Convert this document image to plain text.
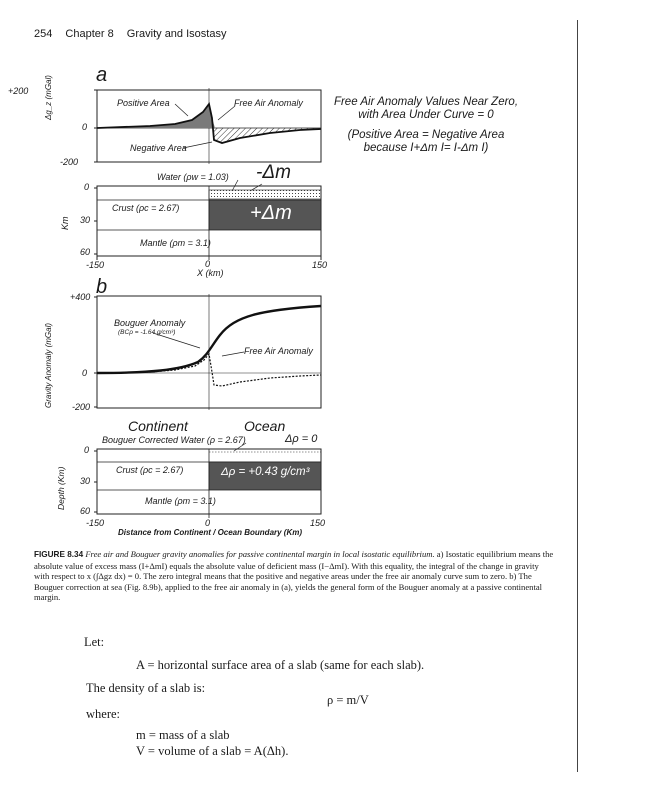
254 Chapter 8 Gravity and Isostasy
a
+200
0
-200
Δg_z (mGal)	Positive Area	Free Air Anomaly
Negative Area
Free Air Anomaly Values Near Zero,
with Area Under Curve = 0
(Positive Area = Negative Area
because I+Δm I= I-Δm I)
Water (ρw = 1.03) -Δm
Crust (ρc = 2.67)	+Δm
Mantle (ρm = 3.1)
0
30
60
Km
-150	0	150
X (km)
b
+400
0
-200
Gravity Anomaly (mGal)	Bouguer Anomaly
(BCρ = -1.64 g/cm³)
Free Air Anomaly
Continent	Ocean
Bouguer Corrected Water (ρ = 2.67)	Δρ = 0
Crust (ρc = 2.67)	Δρ = +0.43 g/cm³
Mantle (ρm = 3.1)
0
30
60
Depth (Km)
-150	0	150
Distance from Continent / Ocean Boundary (Km)
FIGURE 8.34 Free air and Bouguer gravity anomalies for passive continental margin in local isostatic equilibrium. a) Isostatic equilibrium means the absolute value of excess mass (I+ΔmI) equals the absolute value of deficient mass (I−ΔmI). With this equality, the integral of the change in gravity with respect to x (∫Δgz dx) = 0. The zero integral means that the positive and negative areas under the free air anomaly curve sum to zero. b) The Bouguer correction at sea (Fig. 8.9b), applied to the free air anomaly in (a), yields the general form of the Bouguer anomaly at a passive continental margin.
Let:
A = horizontal surface area of a slab (same for each slab).
The density of a slab is:
ρ = m/V
where:
m = mass of a slab
V = volume of a slab = A(Δh).
